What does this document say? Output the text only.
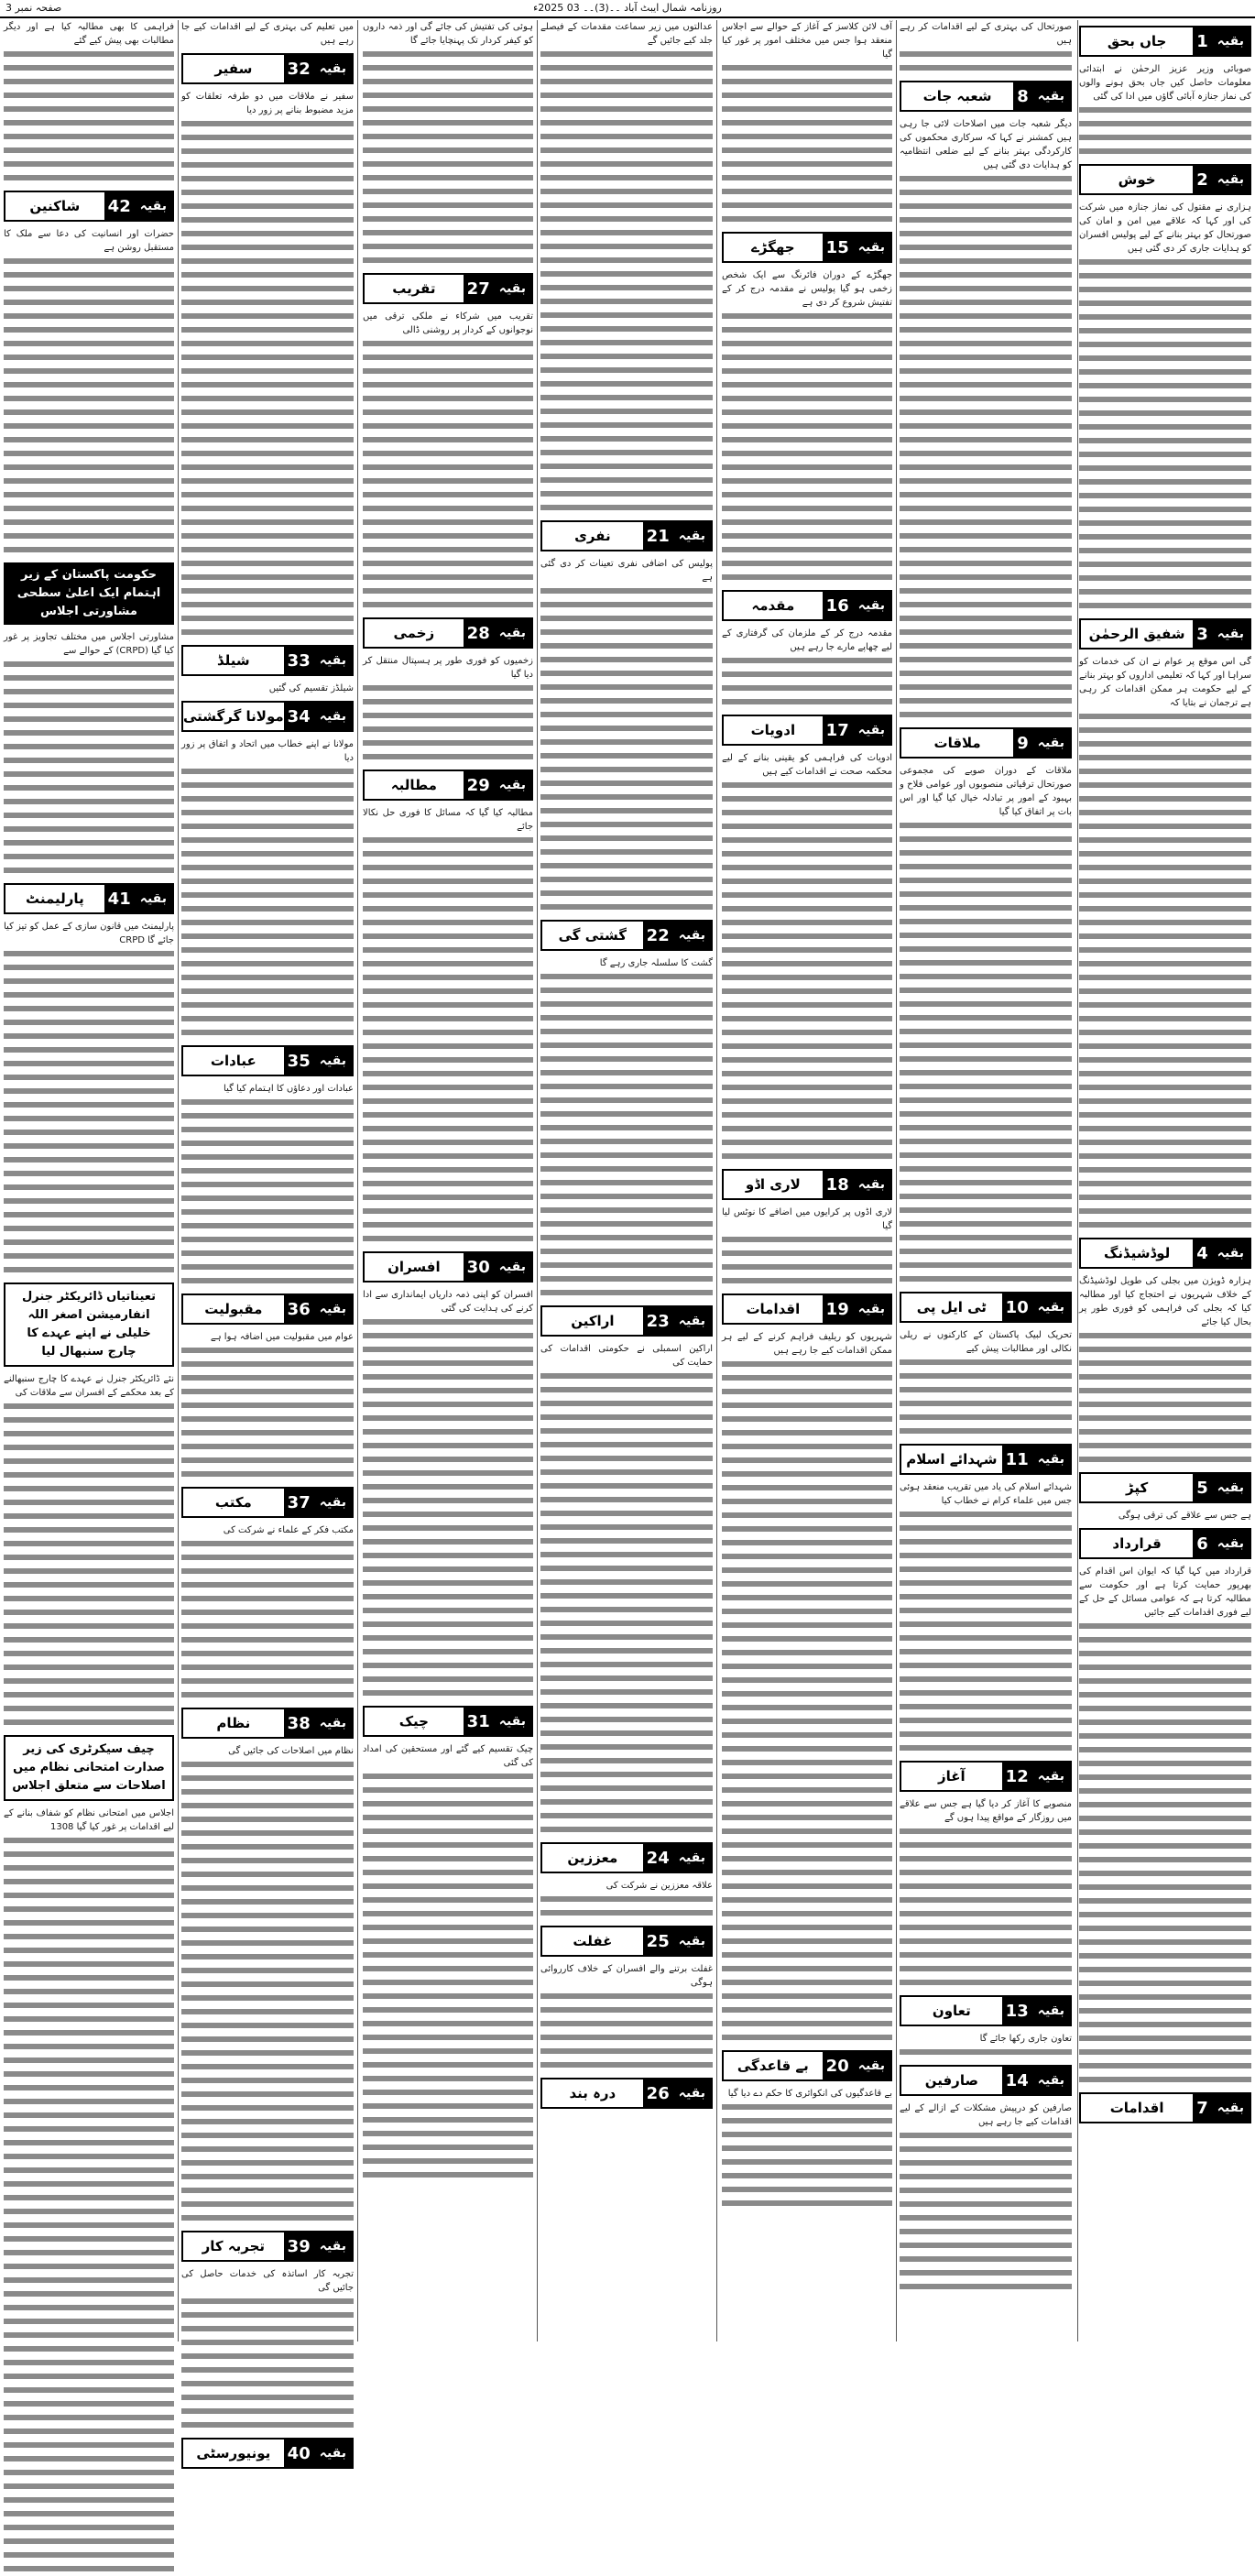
صفحہ نمبر 3	روزنامہ شمال ایبٹ آباد ۔۔(3)۔۔ 03 2025ء
بقیہ
1
جاں بحق
صوبائی وزیر عزیز الرحمٰن نے ابتدائی معلومات حاصل کیں جاں بحق ہونے والوں کی نماز جنازہ آبائی گاؤں میں ادا کی گئی
بقیہ
2
خوش
ہزاری نے مقتول کی نماز جنازہ میں شرکت کی اور کہا کہ علاقے میں امن و امان کی صورتحال کو بہتر بنانے کے لیے پولیس افسران کو ہدایات جاری کر دی گئی ہیں
بقیہ
3
شفیق الرحمٰن
گی اس موقع پر عوام نے ان کی خدمات کو سراہا اور کہا کہ تعلیمی اداروں کو بہتر بنانے کے لیے حکومت ہر ممکن اقدامات کر رہی ہے ترجمان نے بتایا کہ
بقیہ
4
لوڈشیڈنگ
ہزارہ ڈویژن میں بجلی کی طویل لوڈشیڈنگ کے خلاف شہریوں نے احتجاج کیا اور مطالبہ کیا کہ بجلی کی فراہمی کو فوری طور پر بحال کیا جائے
بقیہ
5
کپڑ
ہے جس سے علاقے کی ترقی ہوگی
بقیہ
6
قرارداد
قرارداد میں کہا گیا کہ ایوان اس اقدام کی بھرپور حمایت کرتا ہے اور حکومت سے مطالبہ کرتا ہے کہ عوامی مسائل کے حل کے لیے فوری اقدامات کیے جائیں
بقیہ
7
اقدامات
صورتحال کی بہتری کے لیے اقدامات کر رہے ہیں
بقیہ
8
شعبہ جات
دیگر شعبہ جات میں اصلاحات لائی جا رہی ہیں کمشنر نے کہا کہ سرکاری محکموں کی کارکردگی بہتر بنانے کے لیے ضلعی انتظامیہ کو ہدایات دی گئی ہیں
بقیہ
9
ملاقات
ملاقات کے دوران صوبے کی مجموعی صورتحال ترقیاتی منصوبوں اور عوامی فلاح و بہبود کے امور پر تبادلہ خیال کیا گیا اور اس بات پر اتفاق کیا گیا
بقیہ
10
ٹی ایل پی
تحریک لبیک پاکستان کے کارکنوں نے ریلی نکالی اور مطالبات پیش کیے
بقیہ
11
شہدائے اسلام
شہدائے اسلام کی یاد میں تقریب منعقد ہوئی جس میں علماء کرام نے خطاب کیا
بقیہ
12
آغاز
منصوبے کا آغاز کر دیا گیا ہے جس سے علاقے میں روزگار کے مواقع پیدا ہوں گے
بقیہ
13
تعاون
تعاون جاری رکھا جائے گا
بقیہ
14
صارفین
صارفین کو درپیش مشکلات کے ازالے کے لیے اقدامات کیے جا رہے ہیں
آف لائن کلاسز کے آغاز کے حوالے سے اجلاس منعقد ہوا جس میں مختلف امور پر غور کیا گیا
بقیہ
15
جھگڑے
جھگڑے کے دوران فائرنگ سے ایک شخص زخمی ہو گیا پولیس نے مقدمہ درج کر کے تفتیش شروع کر دی ہے
بقیہ
16
مقدمہ
مقدمہ درج کر کے ملزمان کی گرفتاری کے لیے چھاپے مارے جا رہے ہیں
بقیہ
17
ادویات
ادویات کی فراہمی کو یقینی بنانے کے لیے محکمہ صحت نے اقدامات کیے ہیں
بقیہ
18
لاری اڈو
لاری اڈوں پر کرایوں میں اضافے کا نوٹس لیا گیا
بقیہ
19
اقدامات
شہریوں کو ریلیف فراہم کرنے کے لیے ہر ممکن اقدامات کیے جا رہے ہیں
بقیہ
20
بے قاعدگی
بے قاعدگیوں کی انکوائری کا حکم دے دیا گیا
عدالتوں میں زیر سماعت مقدمات کے فیصلے جلد کیے جائیں گے
بقیہ
21
نفری
پولیس کی اضافی نفری تعینات کر دی گئی ہے
بقیہ
22
گشتی گی
گشت کا سلسلہ جاری رہے گا
بقیہ
23
اراکین
اراکین اسمبلی نے حکومتی اقدامات کی حمایت کی
بقیہ
24
معززین
علاقہ معززین نے شرکت کی
بقیہ
25
غفلت
غفلت برتنے والے افسران کے خلاف کارروائی ہوگی
بقیہ
26
درہ بند
ہوئی کی تفتیش کی جائے گی اور ذمہ داروں کو کیفر کردار تک پہنچایا جائے گا
بقیہ
27
تقریب
تقریب میں شرکاء نے ملکی ترقی میں نوجوانوں کے کردار پر روشنی ڈالی
بقیہ
28
زخمی
زخمیوں کو فوری طور پر ہسپتال منتقل کر دیا گیا
بقیہ
29
مطالبہ
مطالبہ کیا گیا کہ مسائل کا فوری حل نکالا جائے
بقیہ
30
افسران
افسران کو اپنی ذمہ داریاں ایمانداری سے ادا کرنے کی ہدایت کی گئی
بقیہ
31
چیک
چیک تقسیم کیے گئے اور مستحقین کی امداد کی گئی
میں تعلیم کی بہتری کے لیے اقدامات کیے جا رہے ہیں
بقیہ
32
سفیر
سفیر نے ملاقات میں دو طرفہ تعلقات کو مزید مضبوط بنانے پر زور دیا
بقیہ
33
شیلڈ
شیلڈز تقسیم کی گئیں
بقیہ
34
مولانا گرگشتی
مولانا نے اپنے خطاب میں اتحاد و اتفاق پر زور دیا
بقیہ
35
عبادات
عبادات اور دعاؤں کا اہتمام کیا گیا
بقیہ
36
مقبولیت
عوام میں مقبولیت میں اضافہ ہوا ہے
بقیہ
37
مکتب
مکتب فکر کے علماء نے شرکت کی
بقیہ
38
نظام
نظام میں اصلاحات کی جائیں گی
بقیہ
39
تجربہ کار
تجربہ کار اساتذہ کی خدمات حاصل کی جائیں گی
بقیہ
40
یونیورسٹی
فراہمی کا بھی مطالبہ کیا ہے اور دیگر مطالبات بھی پیش کیے گئے
بقیہ
42
شاکنین
حضرات اور انسانیت کی دعا سے ملک کا مستقبل روشن ہے
حکومت پاکستان کے زیر اہتمام ایک اعلیٰ سطحی مشاورتی اجلاس
مشاورتی اجلاس میں مختلف تجاویز پر غور کیا گیا (CRPD) کے حوالے سے
بقیہ
41
پارلیمنٹ
پارلیمنٹ میں قانون سازی کے عمل کو تیز کیا جائے گا CRPD
تعیناتیاں ڈائریکٹر جنرل انفارمیشن اصغر اللہ خلیلی نے اپنے عہدے کا چارج سنبھال لیا
نئے ڈائریکٹر جنرل نے عہدے کا چارج سنبھالنے کے بعد محکمے کے افسران سے ملاقات کی
چیف سیکرٹری کی زیر صدارت امتحانی نظام میں اصلاحات سے متعلق اجلاس
اجلاس میں امتحانی نظام کو شفاف بنانے کے لیے اقدامات پر غور کیا گیا 1308
